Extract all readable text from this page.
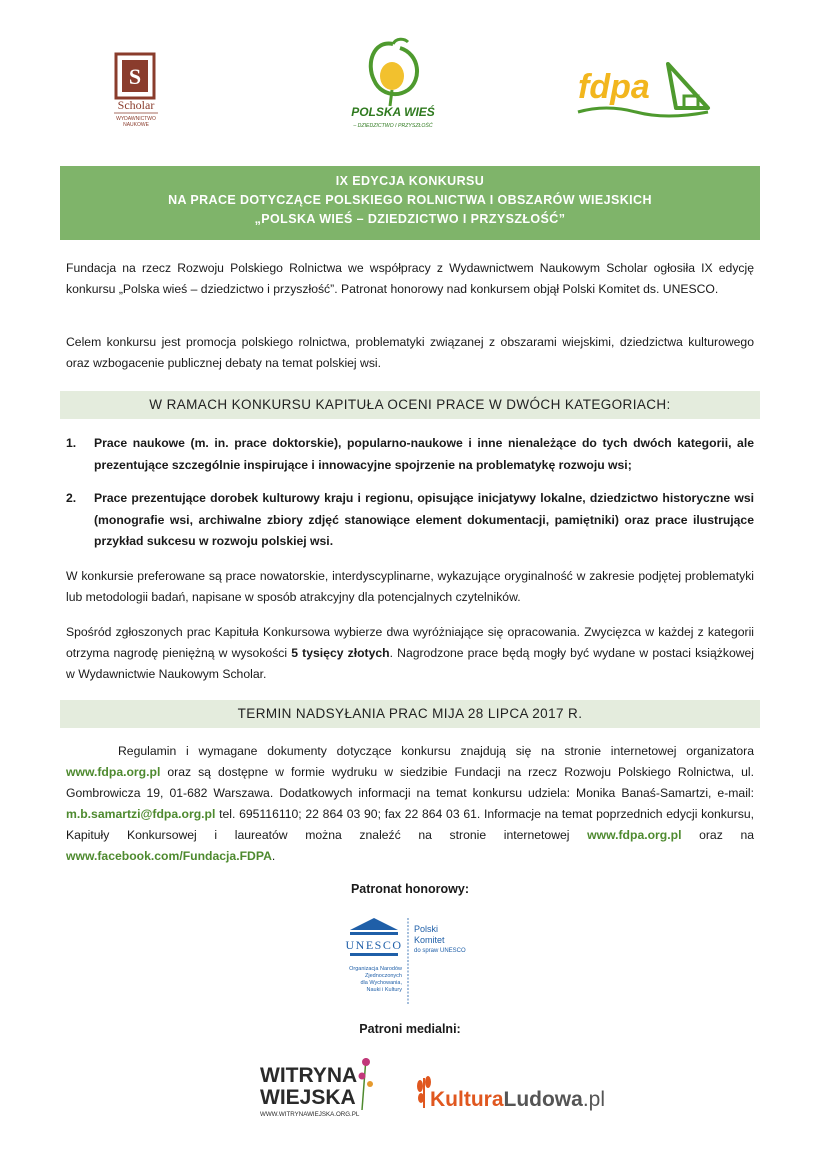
S
Scholar
WYDAWNICTWO
NAUKOWE
POLSKA WIEŚ
– DZIEDZICTWO I PRZYSZŁOŚĆ
fdpa
IX EDYCJA KONKURSU
NA PRACE DOTYCZĄCE POLSKIEGO ROLNICTWA I OBSZARÓW WIEJSKICH
„POLSKA WIEŚ – DZIEDZICTWO I PRZYSZŁOŚĆ”
Fundacja na rzecz Rozwoju Polskiego Rolnictwa we współpracy z Wydawnictwem Naukowym Scholar ogłosiła IX edycję konkursu „Polska wieś – dziedzictwo i przyszłość”. Patronat honorowy nad konkursem objął Polski Komitet ds. UNESCO.
Celem konkursu jest promocja polskiego rolnictwa, problematyki związanej z obszarami wiejskimi, dziedzictwa kulturowego oraz wzbogacenie publicznej debaty na temat polskiej wsi.
W RAMACH KONKURSU KAPITUŁA OCENI PRACE W DWÓCH KATEGORIACH:
1.	Prace naukowe (m. in. prace doktorskie), popularno-naukowe i inne nienależące do tych dwóch kategorii, ale prezentujące szczególnie inspirujące i innowacyjne spojrzenie na problematykę rozwoju wsi;
2.	Prace prezentujące dorobek kulturowy kraju i regionu, opisujące inicjatywy lokalne, dziedzictwo historyczne wsi (monografie wsi, archiwalne zbiory zdjęć stanowiące element dokumentacji, pamiętniki) oraz prace ilustrujące przykład sukcesu w rozwoju polskiej wsi.
W konkursie preferowane są prace nowatorskie, interdyscyplinarne, wykazujące oryginalność w zakresie podjętej problematyki lub metodologii badań, napisane w sposób atrakcyjny dla potencjalnych czytelników.
Spośród zgłoszonych prac Kapituła Konkursowa wybierze dwa wyróżniające się opracowania. Zwycięzca w każdej z kategorii otrzyma nagrodę pieniężną w wysokości 5 tysięcy złotych. Nagrodzone prace będą mogły być wydane w postaci książkowej w Wydawnictwie Naukowym Scholar.
TERMIN NADSYŁANIA PRAC MIJA 28 LIPCA 2017 R.
Regulamin i wymagane dokumenty dotyczące konkursu znajdują się na stronie internetowej organizatora www.fdpa.org.pl oraz są dostępne w formie wydruku w siedzibie Fundacji na rzecz Rozwoju Polskiego Rolnictwa, ul. Gombrowicza 19, 01-682 Warszawa. Dodatkowych informacji na temat konkursu udziela: Monika Banaś-Samartzi, e-mail: m.b.samartzi@fdpa.org.pl tel. 695116110; 22 864 03 90; fax 22 864 03 61. Informacje na temat poprzednich edycji konkursu, Kapituły Konkursowej i laureatów można znaleźć na stronie internetowej www.fdpa.org.pl oraz na www.facebook.com/Fundacja.FDPA.
Patronat honorowy:
UNESCO
Polski
Komitet
do spraw UNESCO
Organizacja Narodów
Zjednoczonych
dla Wychowania,
Nauki i Kultury
Patroni medialni:
WITRYNA
WIEJSKA
WWW.WITRYNAWIEJSKA.ORG.PL
KulturaLudowa.pl
